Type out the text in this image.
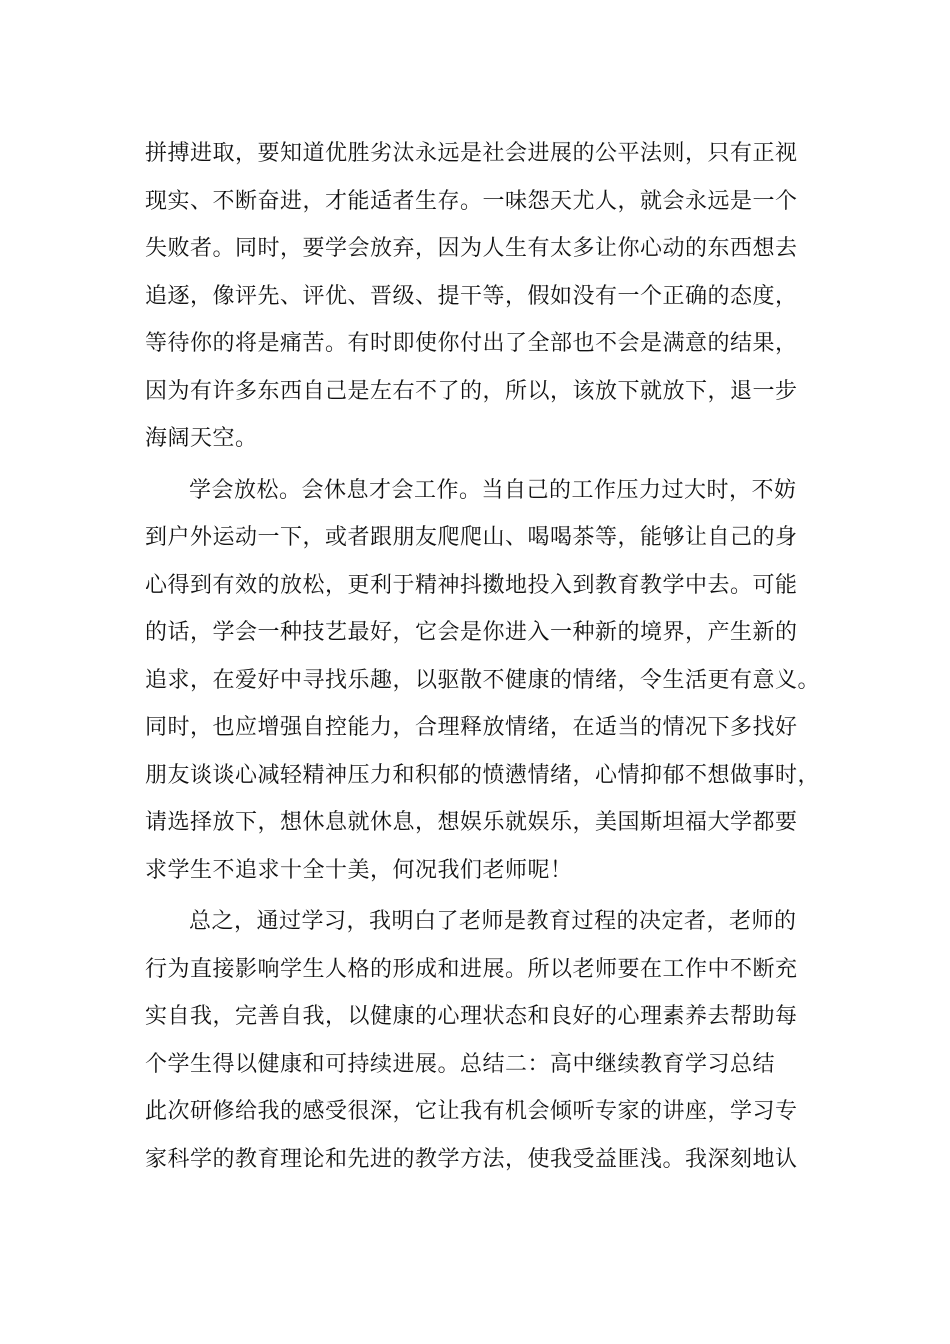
拼搏进取，要知道优胜劣汰永远是社会进展的公平法则，只有正视
现实、不断奋进，才能适者生存。一味怨天尤人，就会永远是一个
失败者。同时，要学会放弃，因为人生有太多让你心动的东西想去
追逐，像评先、评优、晋级、提干等，假如没有一个正确的态度，
等待你的将是痛苦。有时即使你付出了全部也不会是满意的结果，
因为有许多东西自己是左右不了的，所以，该放下就放下，退一步
海阔天空。
学会放松。会休息才会工作。当自己的工作压力过大时，不妨
到户外运动一下，或者跟朋友爬爬山、喝喝茶等，能够让自己的身
心得到有效的放松，更利于精神抖擞地投入到教育教学中去。可能
的话，学会一种技艺最好，它会是你进入一种新的境界，产生新的
追求，在爱好中寻找乐趣，以驱散不健康的情绪，令生活更有意义。
同时，也应增强自控能力，合理释放情绪，在适当的情况下多找好
朋友谈谈心减轻精神压力和积郁的愤懑情绪，心情抑郁不想做事时，
请选择放下，想休息就休息，想娱乐就娱乐，美国斯坦福大学都要
求学生不追求十全十美，何况我们老师呢！
总之，通过学习，我明白了老师是教育过程的决定者，老师的
行为直接影响学生人格的形成和进展。所以老师要在工作中不断充
实自我，完善自我，以健康的心理状态和良好的心理素养去帮助每
个学生得以健康和可持续进展。总结二：高中继续教育学习总结
此次研修给我的感受很深，它让我有机会倾听专家的讲座，学习专
家科学的教育理论和先进的教学方法，使我受益匪浅。我深刻地认
